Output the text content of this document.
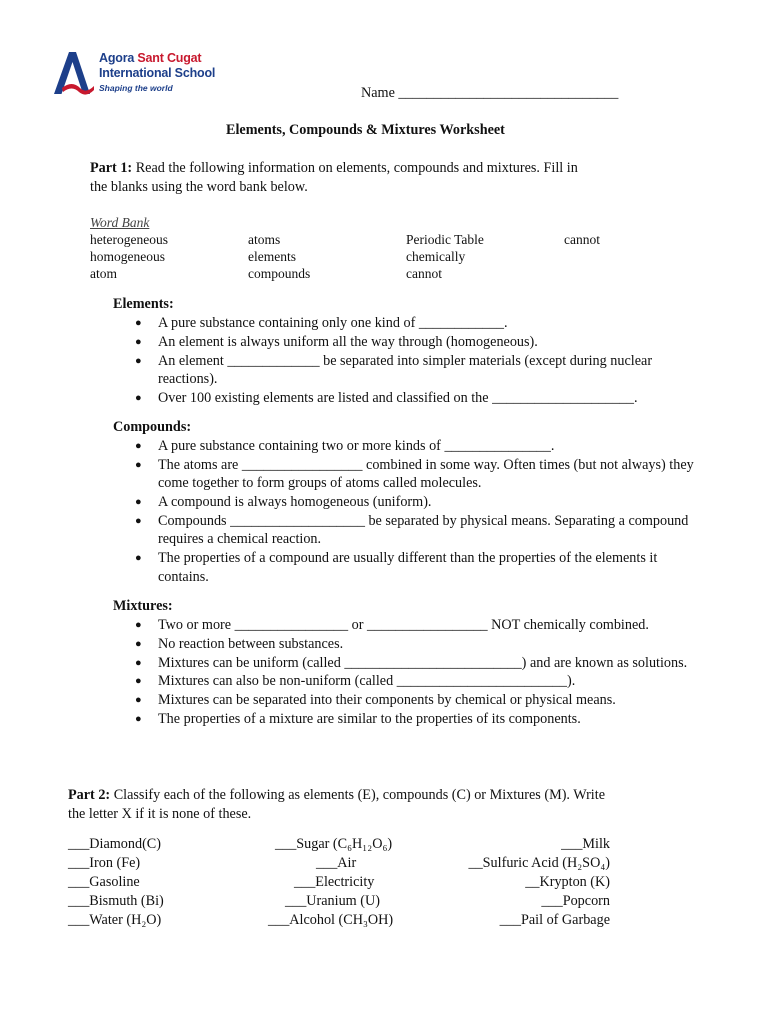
Agora Sant Cugat
International School
Shaping the world	Name _______________________________
Elements, Compounds & Mixtures Worksheet
Part 1: Read the following information on elements, compounds and mixtures. Fill in
the blanks using the word bank below.
Word Bank
heterogeneous
homogeneous
atom
atoms
elements
compounds
Periodic Table
chemically
cannot
cannot
Elements:
● A pure substance containing only one kind of ____________.
● An element is always uniform all the way through (homogeneous).
● An element _____________ be separated into simpler materials (except during nuclear reactions).
● Over 100 existing elements are listed and classified on the ____________________.
Compounds:
● A pure substance containing two or more kinds of _______________.
● The atoms are _________________ combined in some way. Often times (but not always) they come together to form groups of atoms called molecules.
● A compound is always homogeneous (uniform).
● Compounds ___________________ be separated by physical means. Separating a compound requires a chemical reaction.
● The properties of a compound are usually different than the properties of the elements it contains.
Mixtures:
● Two or more ________________ or _________________ NOT chemically combined.
● No reaction between substances.
● Mixtures can be uniform (called _________________________) and are known as solutions.
● Mixtures can also be non-uniform (called ________________________).
● Mixtures can be separated into their components by chemical or physical means.
● The properties of a mixture are similar to the properties of its components.
Part 2: Classify each of the following as elements (E), compounds (C) or Mixtures (M). Write
the letter X if it is none of these.
___Diamond(C)
___Iron (Fe)
___Gasoline
___Bismuth (Bi)
___Water (H₂O)
___Sugar (C₆H₁₂O₆)
___Air
___Electricity
___Uranium (U)
___Alcohol (CH₃OH)
___Milk
__Sulfuric Acid (H₂SO₄)
__Krypton (K)
___Popcorn
___Pail of Garbage
